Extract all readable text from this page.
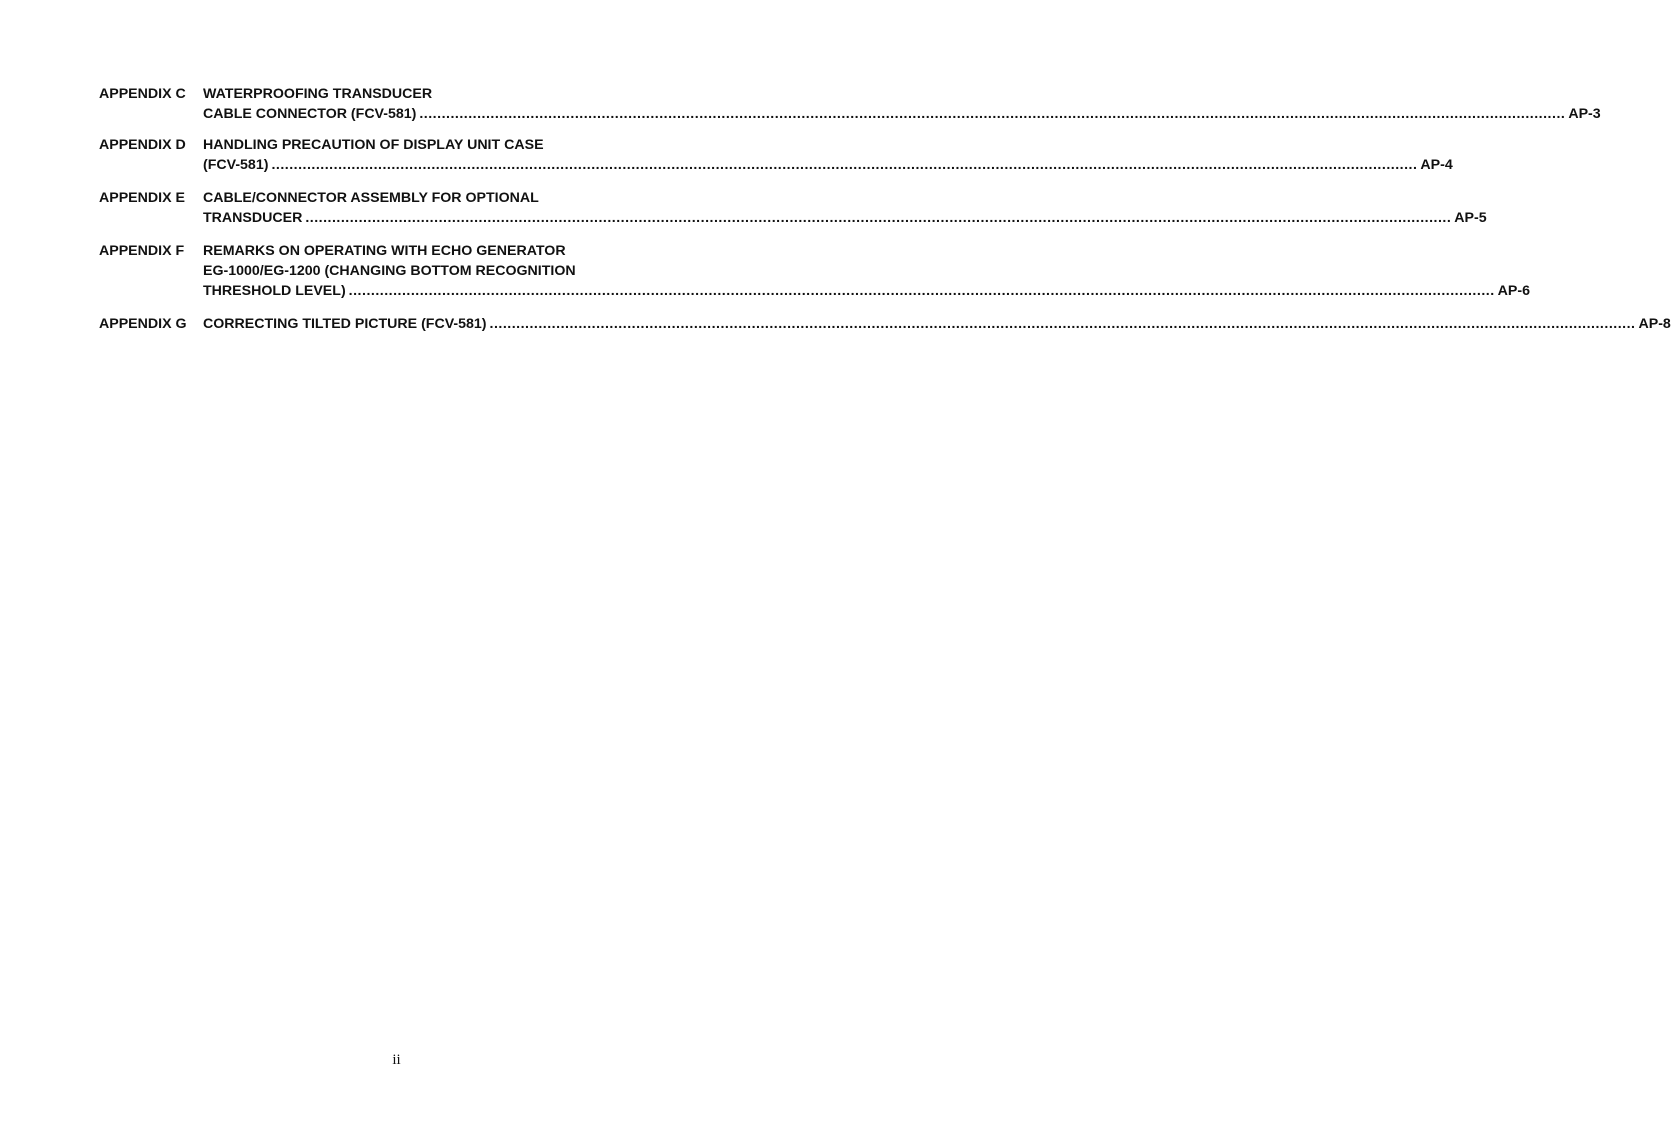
APPENDIX C	WATERPROOFING TRANSDUCER
CABLE CONNECTOR (FCV-581) .....	AP-3
APPENDIX D	HANDLING PRECAUTION OF DISPLAY UNIT CASE
(FCV-581) .....	AP-4
APPENDIX E	CABLE/CONNECTOR ASSEMBLY FOR OPTIONAL
TRANSDUCER .....	AP-5
APPENDIX F	REMARKS ON OPERATING WITH ECHO GENERATOR
EG-1000/EG-1200 (CHANGING BOTTOM RECOGNITION
THRESHOLD LEVEL) .....	AP-6
APPENDIX G	CORRECTING TILTED PICTURE (FCV-581) .....	AP-8
ii
